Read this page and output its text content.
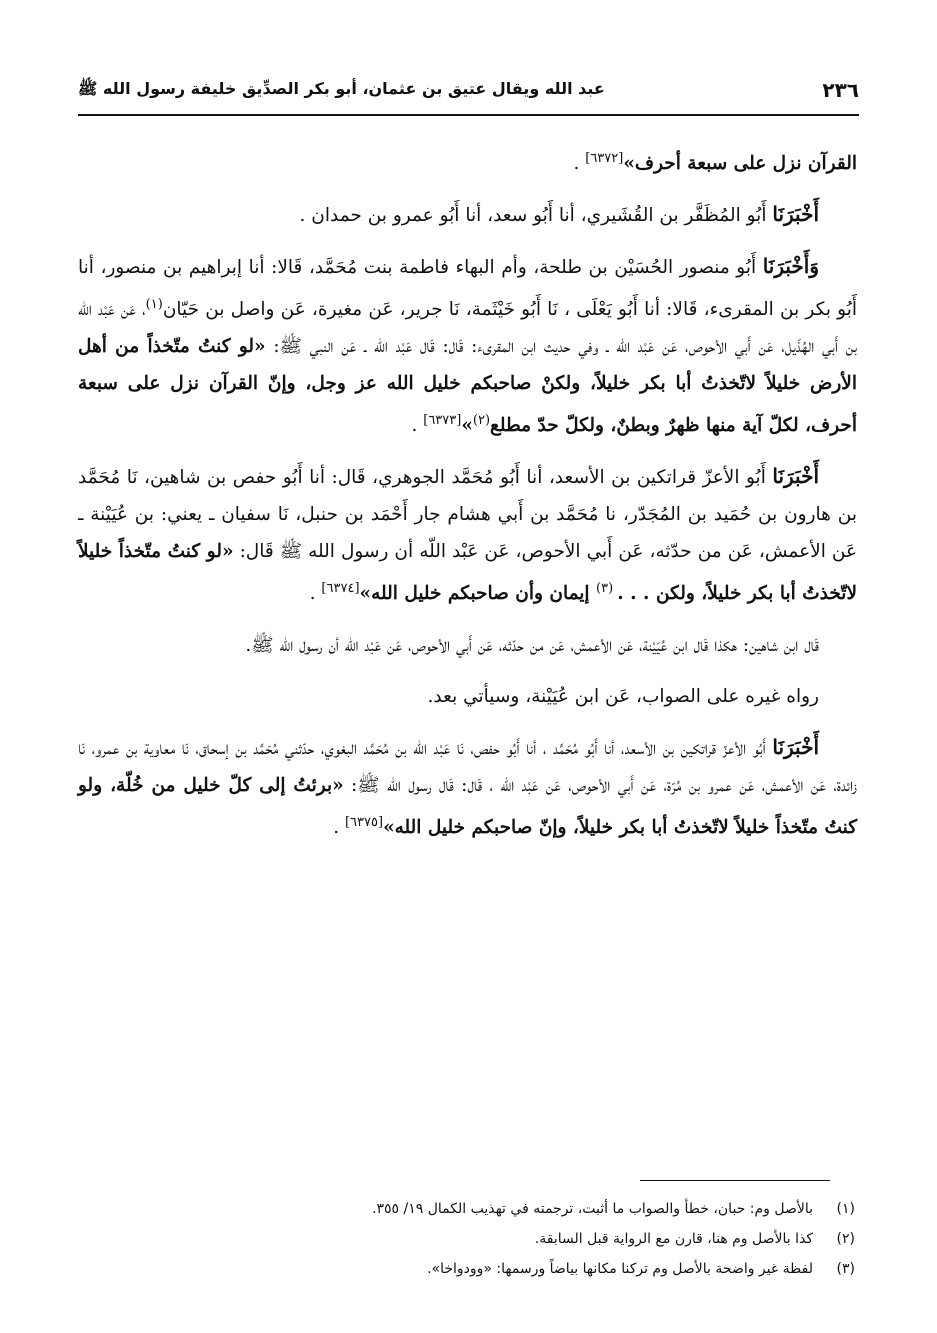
٢٣٦
عبد الله ويقال عتيق بن عثمان، أبو بكر الصدِّيق خليفة رسول الله ﷺ

القرآن نزل على سبعة أحرف»[٦٣٧٢] .

أَخْبَرَنَا أَبُو المُظَفَّر بن القُشَيري، أنا أَبُو سعد، أنا أَبُو عمرو بن حمدان .

وَأَخْبَرَنَا أَبُو منصور الحُسَيْن بن طلحة، وأم البهاء فاطمة بنت مُحَمَّد، قَالا: أنا إبراهيم بن منصور، أنا أَبُو بكر بن المقرىء، قَالا: أنا أَبُو يَعْلَى ، نَا أَبُو خَيْثَمة، نَا جرير، عَن مغيرة، عَن واصل بن حَيّان$^{(١)}$، عَن عَبْد اللّه بن أَبي الهُذَيل، عَن أَبي الأحوص، عَن عَبْد اللّه ـ وفي حديث ابن المقرىء: قَال: قَال عَبْد اللّه ـ عَن النبي ﷺ: «لو كنتُ متّخذاً من أهل الأرض خليلاً لاتّخذتُ أبا بكر خليلاً، ولكنْ صاحبكم خليل الله عز وجل، وإنّ القرآن نزل على سبعة أحرف، لكلّ آية منها ظهرٌ وبطنٌ، ولكلّ حدّ مطلع$^{(٢)}$»[٦٣٧٣] .

أَخْبَرَنَا أَبُو الأعزّ قراتكين بن الأسعد، أنا أَبُو مُحَمَّد الجوهري، قَال: أنا أَبُو حفص بن شاهين، نَا مُحَمَّد بن هارون بن حُمَيد بن المُجَدّر، نا مُحَمَّد بن أَبي هشام جار أَحْمَد بن حنبل، نَا سفيان ـ يعني: بن عُيَيْنة ـ عَن الأعمش، عَن من حدّثه، عَن أَبي الأحوص، عَن عَبْد اللّه أن رسول الله ﷺ قَال: «لو كنتُ متّخذاً خليلاً لاتّخذتُ أبا بكر خليلاً، ولكن . . . $^{(٣)}$ إيمان وأن صاحبكم خليل الله»[٦٣٧٤] .

قَال ابن شاهين: هكذا قَال ابن عُيَيْنة، عَن الأعمش، عَن من حدّثه، عَن أَبي الأحوص، عَن عَبْد اللّه أن رسول الله ﷺ.

رواه غيره على الصواب، عَن ابن عُيَيْنة، وسيأتي بعد.

أَخْبَرَنَا أَبُو الأعزّ قراتكين بن الأسعد، أنا أَبُو مُحَمَّد ، أنا أَبُو حفص، نَا عَبْد اللّه بن مُحَمَّد البغوي، حدّثني مُحَمَّد بن إسحاق، نَا معاوية بن عمرو، نَا زائدة، عَن الأعمش، عَن عمرو بن مُرّة، عَن أَبي الأحوص، عَن عَبْد اللّه ، قَال: قَال رسول الله ﷺ: «برئتُ إلى كلّ خليل من خُلّة، ولو كنتُ متّخذاً خليلاً لاتّخذتُ أبا بكر خليلاً، وإنّ صاحبكم خليل الله»[٦٣٧٥] .

(١)
بالأصل وم: حبان، خطأ والصواب ما أثبت، ترجمته في تهذيب الكمال ١٩/ ٣٥٥.
(٢)
كذا بالأصل وم هنا، قارن مع الرواية قبل السابقة.
(٣)
لفظة غير واضحة بالأصل وم تركنا مكانها بياضاً ورسمها: «وودواخا».
